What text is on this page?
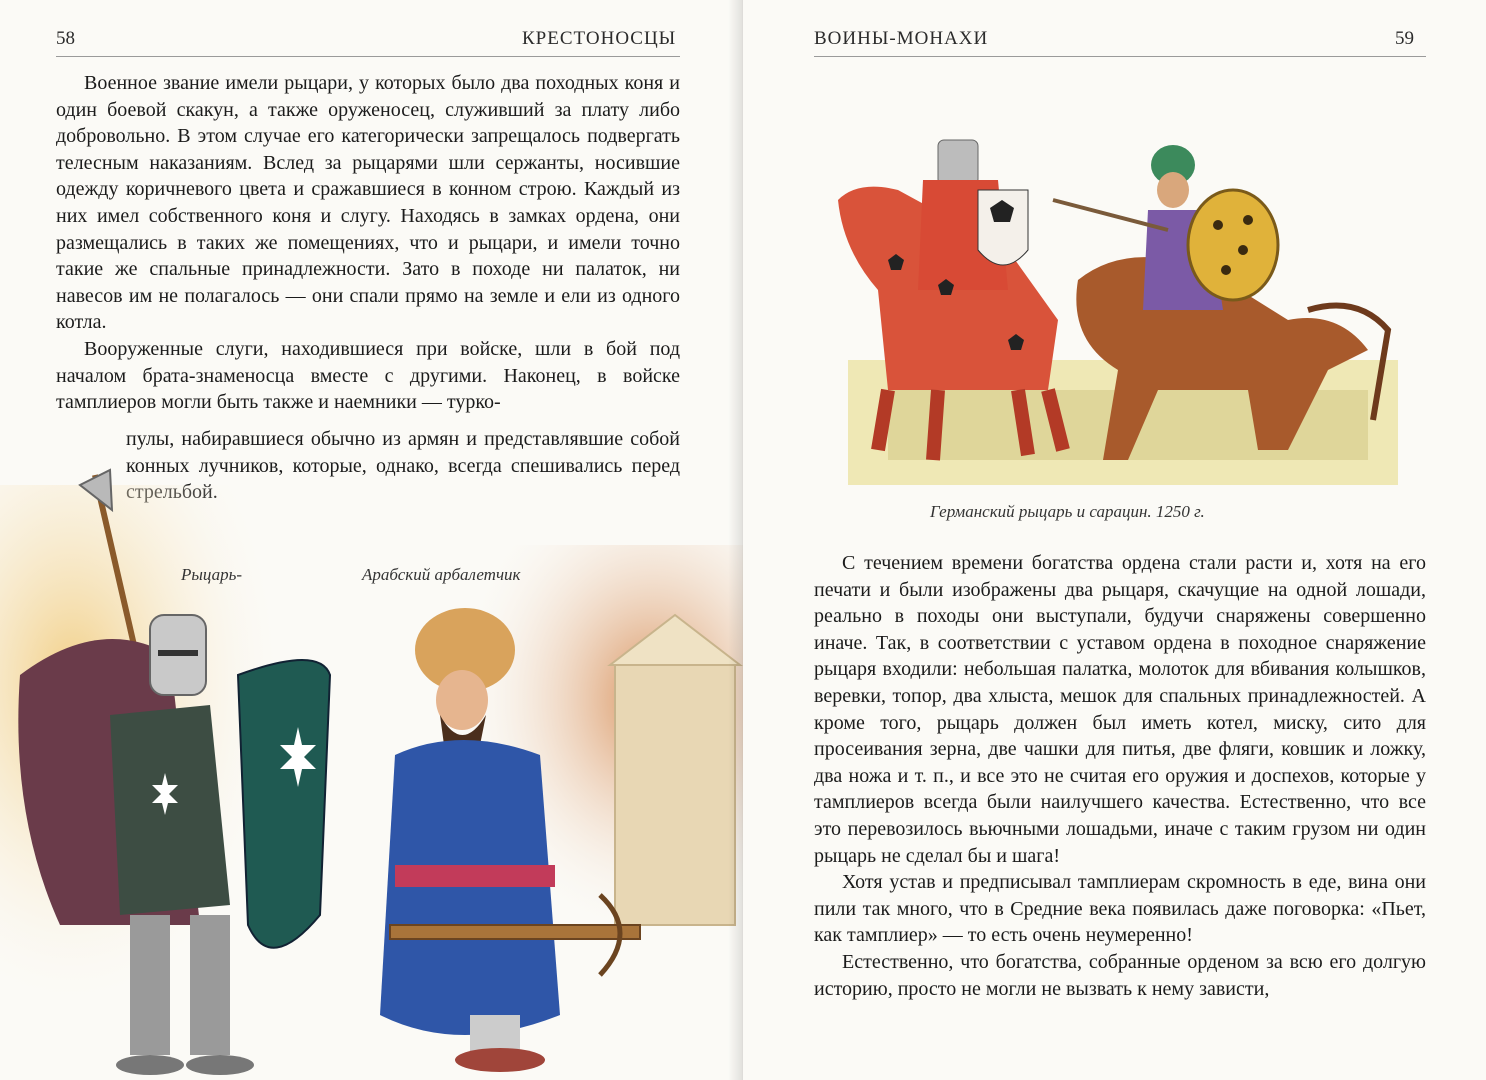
58	КРЕСТОНОСЦЫ

Военное звание имели рыцари, у которых было два походных коня и один боевой скакун, а также оруженосец, служивший за плату либо добровольно. В этом случае его категорически запрещалось подвергать телесным наказаниям. Вслед за рыцарями шли сержанты, носившие одежду коричневого цвета и сражавшиеся в конном строю. Каждый из них имел собственного коня и слугу. Находясь в замках ордена, они размещались в таких же помещениях, что и рыцари, и имели точно такие же спальные принадлежности. Зато в походе ни палаток, ни навесов им не полагалось — они спали прямо на земле и ели из одного котла.

Вооруженные слуги, находившиеся при войске, шли в бой под началом брата-знаменосца вместе с другими. Наконец, в войске тамплиеров могли быть также и наемники — турко-

пулы, набиравшиеся обычно из армян и представлявшие собой конных лучников, которые, однако, всегда спешивались перед

Рыцарь-	Арабский арбалетчик
ВОИНЫ-МОНАХИ	59
Германский рыцарь и сарацин. 1250 г.

С течением времени богатства ордена стали расти и, хотя на его печати и были изображены два рыцаря, скачущие на одной лошади, реально в походы они выступали, будучи снаряжены совершенно иначе. Так, в соответствии с уставом ордена в походное снаряжение рыцаря входили: небольшая палатка, молоток для вбивания колышков, веревки, топор, два хлыста, мешок для спальных принадлежностей. А кроме того, рыцарь должен был иметь котел, миску, сито для просеивания зерна, две чашки для питья, две фляги, ковшик и ложку, два ножа и т. п., и все это не считая его оружия и доспехов, которые у тамплиеров всегда были наилучшего качества. Естественно, что все это перевозилось вьючными лошадьми, иначе с таким грузом ни один рыцарь не сделал бы и шага!

Хотя устав и предписывал тамплиерам скромность в еде, вина они пили так много, что в Средние века появилась даже поговорка: «Пьет, как тамплиер» — то есть очень неумеренно!

Естественно, что богатства, собранные орденом за всю его долгую историю, просто не могли не вызвать к нему зависти,
